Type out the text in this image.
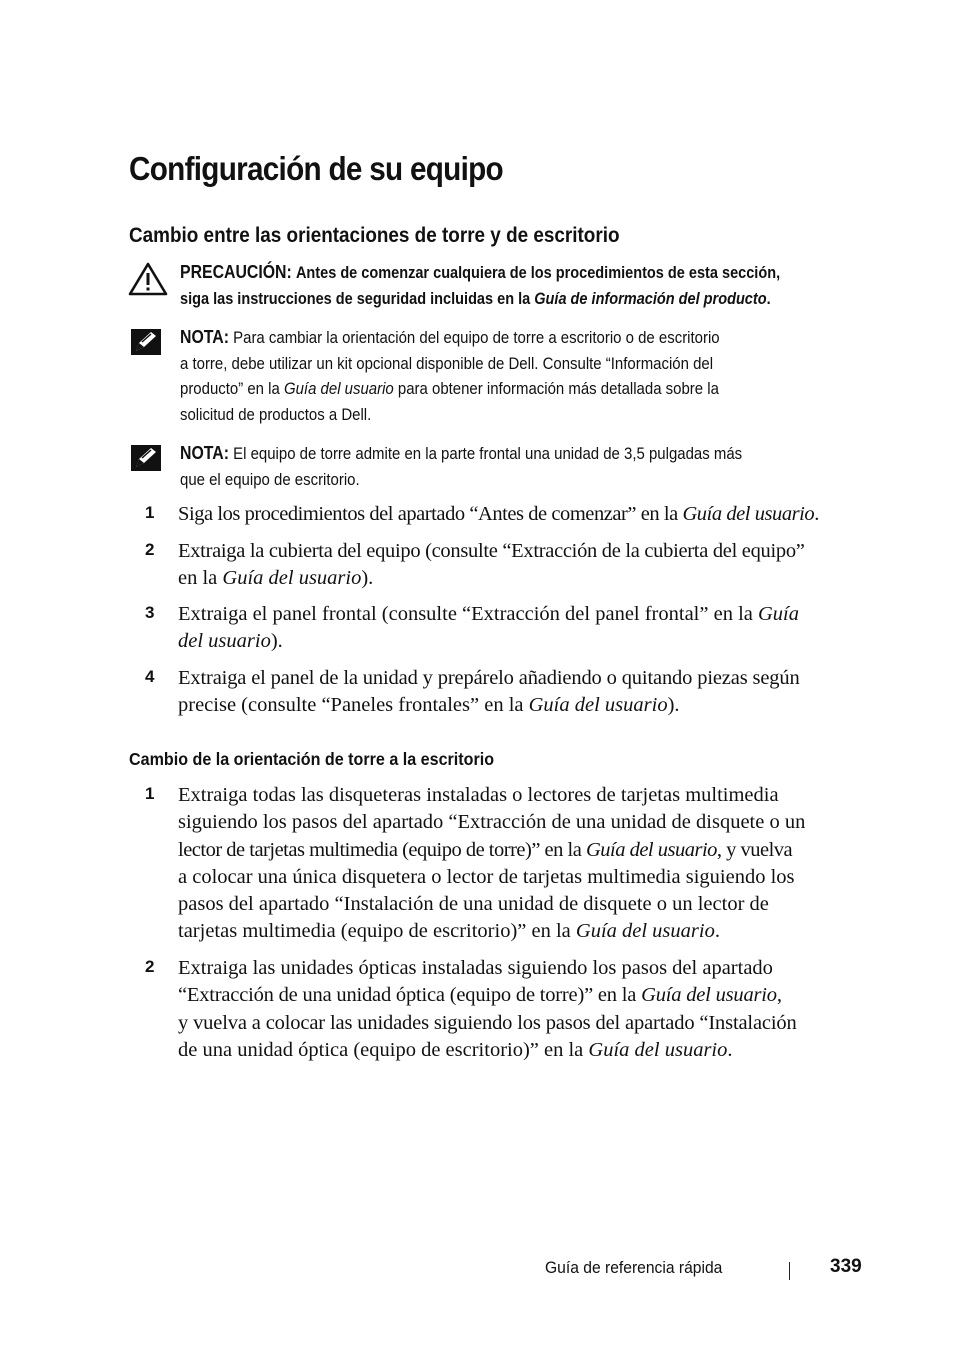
Configuración de su equipo
Cambio entre las orientaciones de torre y de escritorio
PRECAUCIÓN: Antes de comenzar cualquiera de los procedimientos de esta sección,
siga las instrucciones de seguridad incluidas en la Guía de información del producto.
NOTA: Para cambiar la orientación del equipo de torre a escritorio o de escritorio
a torre, debe utilizar un kit opcional disponible de Dell. Consulte “Información del
producto” en la Guía del usuario para obtener información más detallada sobre la
solicitud de productos a Dell.
NOTA: El equipo de torre admite en la parte frontal una unidad de 3,5 pulgadas más
que el equipo de escritorio.
1 Siga los procedimientos del apartado “Antes de comenzar” en la Guía del usuario.
2 Extraiga la cubierta del equipo (consulte “Extracción de la cubierta del equipo”
en la Guía del usuario).
3 Extraiga el panel frontal (consulte “Extracción del panel frontal” en la Guía
del usuario).
4 Extraiga el panel de la unidad y prepárelo añadiendo o quitando piezas según
precise (consulte “Paneles frontales” en la Guía del usuario).
Cambio de la orientación de torre a la escritorio
1 Extraiga todas las disqueteras instaladas o lectores de tarjetas multimedia
siguiendo los pasos del apartado “Extracción de una unidad de disquete o un
lector de tarjetas multimedia (equipo de torre)” en la Guía del usuario, y vuelva
a colocar una única disquetera o lector de tarjetas multimedia siguiendo los
pasos del apartado “Instalación de una unidad de disquete o un lector de
tarjetas multimedia (equipo de escritorio)” en la Guía del usuario.
2 Extraiga las unidades ópticas instaladas siguiendo los pasos del apartado
“Extracción de una unidad óptica (equipo de torre)” en la Guía del usuario,
y vuelva a colocar las unidades siguiendo los pasos del apartado “Instalación
de una unidad óptica (equipo de escritorio)” en la Guía del usuario.
Guía de referencia rápida	339
